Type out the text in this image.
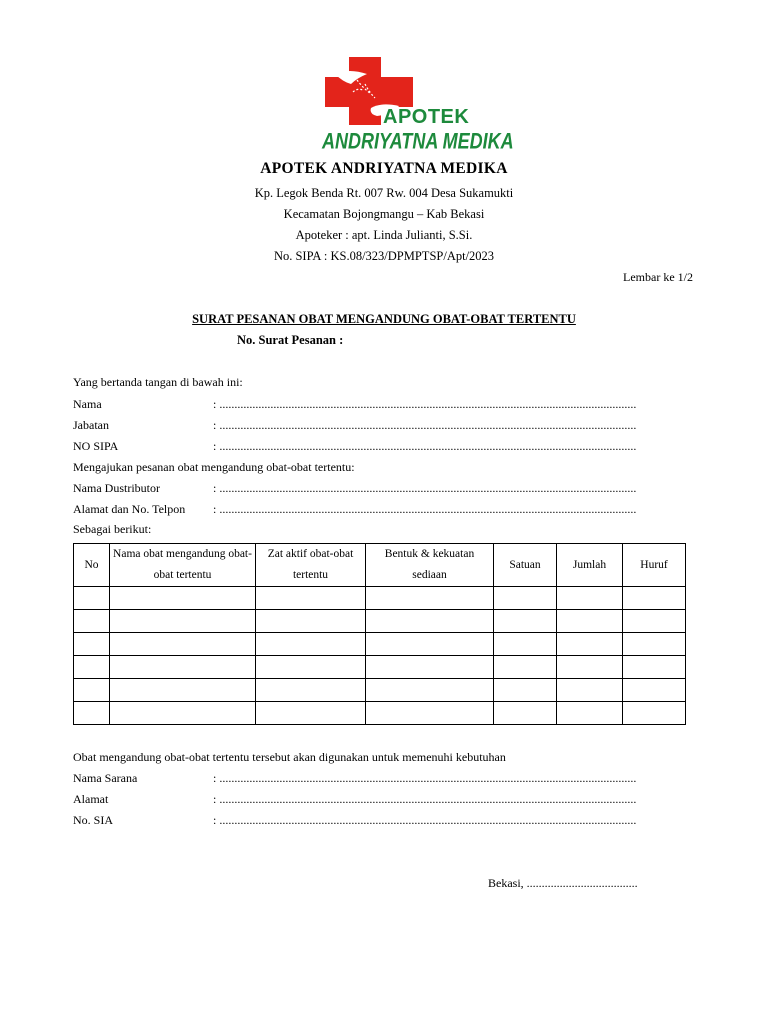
APOTEK
ANDRIYATNA MEDIKA
APOTEK ANDRIYATNA MEDIKA
Kp. Legok Benda Rt. 007 Rw. 004 Desa Sukamukti
Kecamatan Bojongmangu – Kab Bekasi
Apoteker : apt. Linda Julianti, S.Si.
No. SIPA : KS.08/323/DPMPTSP/Apt/2023
Lembar ke 1/2
SURAT PESANAN OBAT MENGANDUNG OBAT-OBAT TERTENTU
No. Surat Pesanan :
Yang bertanda tangan di bawah ini:
Nama	: ...........................................................................................................................................
Jabatan	: ...........................................................................................................................................
NO SIPA	: ...........................................................................................................................................
Mengajukan pesanan obat mengandung obat-obat tertentu:
Nama Dustributor	: ...........................................................................................................................................
Alamat dan No. Telpon : ...........................................................................................................................................
Sebagai berikut:
No	Nama obat mengandung obat-obat tertentu	Zat aktif obat-obat tertentu	Bentuk & kekuatan sediaan	Satuan	Jumlah	Huruf

Obat mengandung obat-obat tertentu tersebut akan digunakan untuk memenuhi kebutuhan
Nama Sarana	: ...........................................................................................................................................
Alamat	: ...........................................................................................................................................
No. SIA	: ...........................................................................................................................................
Bekasi, .....................................
